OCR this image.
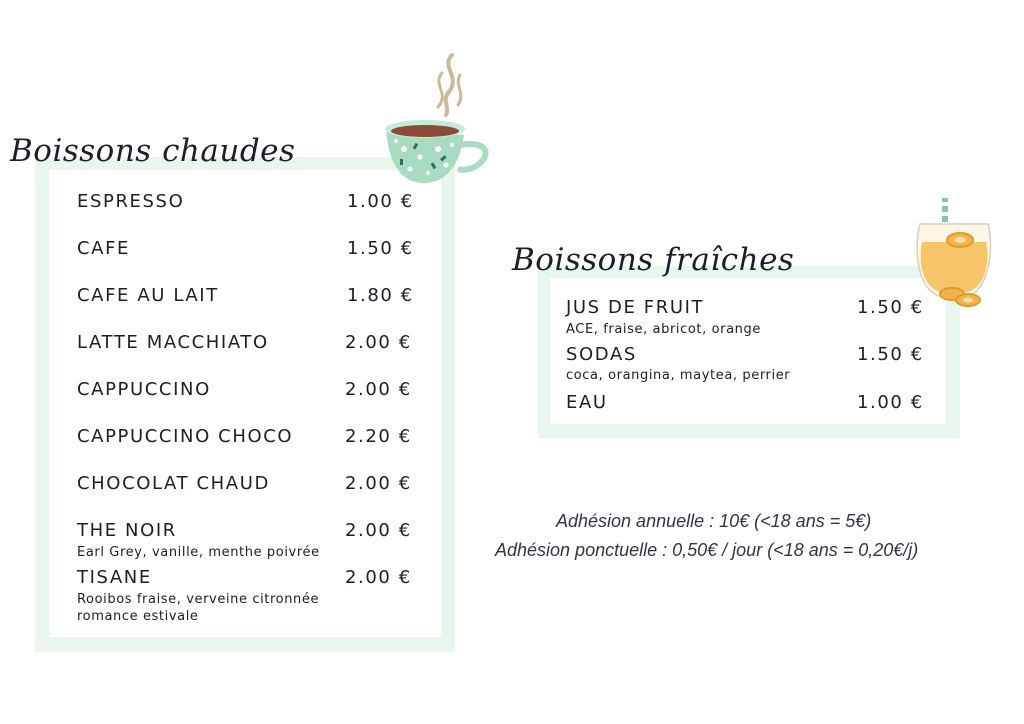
Boissons chaudes
ESPRESSO	1.00 €
CAFE	1.50 €
CAFE AU LAIT	1.80 €
LATTE MACCHIATO	2.00 €
CAPPUCCINO	2.00 €
CAPPUCCINO CHOCO	2.20 €
CHOCOLAT CHAUD	2.00 €
THE NOIR	2.00 €
Earl Grey, vanille, menthe poivrée
TISANE	2.00 €
Rooibos fraise, verveine citronnée
romance estivale
Boissons fraîches
JUS DE FRUIT	1.50 €
ACE, fraise, abricot, orange
SODAS	1.50 €
coca, orangina, maytea, perrier
EAU	1.00 €
Adhésion annuelle : 10€ (<18 ans = 5€)
Adhésion ponctuelle : 0,50€ / jour (<18 ans = 0,20€/j)
